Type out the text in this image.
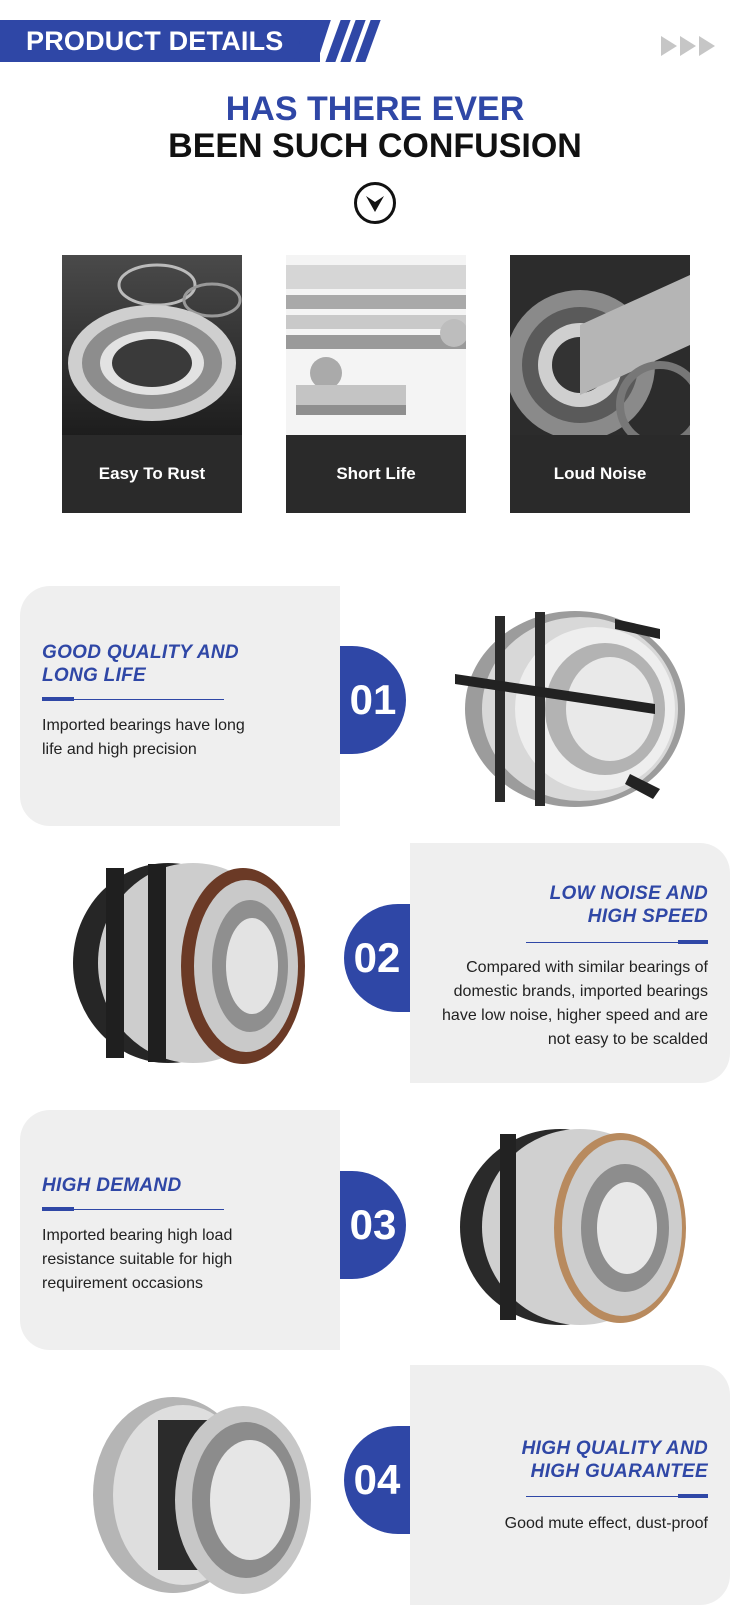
PRODUCT DETAILS
HAS THERE EVER
BEEN SUCH CONFUSION
Easy To Rust	Short Life	Loud Noise
01
GOOD QUALITY AND
LONG LIFE
Imported bearings have long
life and high precision
02
LOW NOISE AND
HIGH SPEED
Compared with similar bearings of
domestic brands, imported bearings
have low noise, higher speed and are
not easy to be scalded
03
HIGH DEMAND
Imported bearing high load
resistance suitable for high
requirement occasions
04
HIGH QUALITY AND
HIGH GUARANTEE
Good mute effect, dust-proof
